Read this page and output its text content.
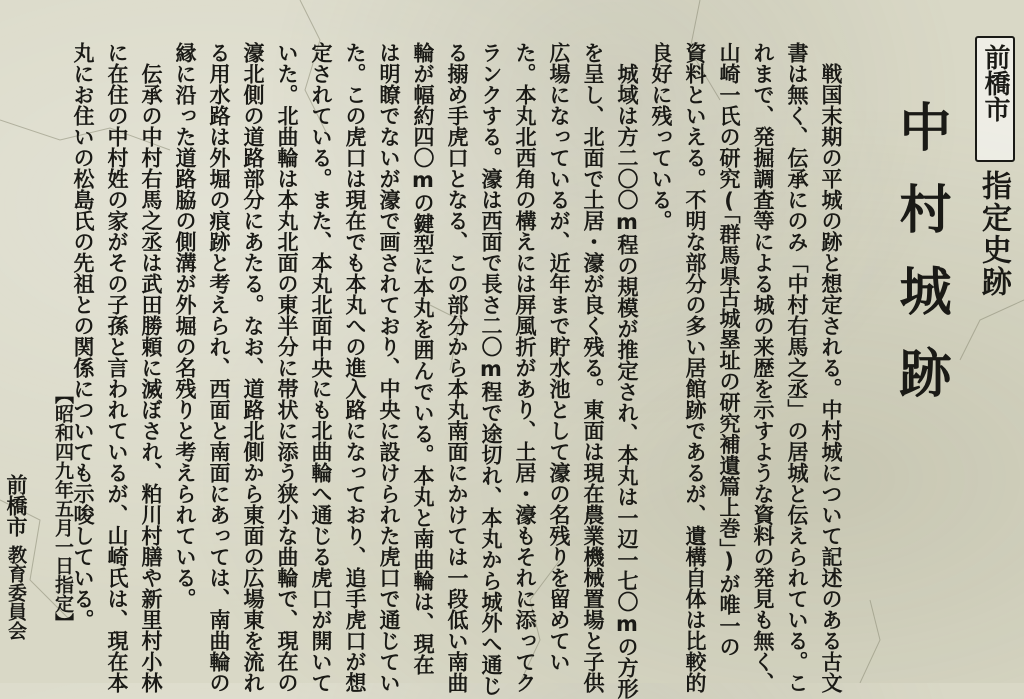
前橋市
指定史跡
中村城跡

　戦国末期の平城の跡と想定される。中村城について記述のある古文

書は無く、伝承にのみ「中村右馬之丞」の居城と伝えられている。こ

れまで、発掘調査等による城の来歴を示すような資料の発見も無く、

山崎一氏の研究(「群馬県古城塁址の研究補遺篇上巻」)が唯一の

資料といえる。不明な部分の多い居館跡であるが、遺構自体は比較的

良好に残っている。

　城域は方二〇〇m程の規模が推定され、本丸は一辺一七〇mの方形

を呈し、北面で土居・濠が良く残る。東面は現在農業機械置場と子供

広場になっているが、近年まで貯水池として濠の名残りを留めてい

た。本丸北西角の構えには屏風折があり、土居・濠もそれに添ってク

ランクする。濠は西面で長さ二〇m程で途切れ、本丸から城外へ通じ

る搦め手虎口となる、この部分から本丸南面にかけては一段低い南曲

輪が幅約四〇mの鍵型に本丸を囲んでいる。本丸と南曲輪は、現在

は明瞭でないが濠で画されており、中央に設けられた虎口で通じてい

た。この虎口は現在でも本丸への進入路になっており、追手虎口が想

定されている。また、本丸北面中央にも北曲輪へ通じる虎口が開いて

いた。北曲輪は本丸北面の東半分に帯状に添う狭小な曲輪で、現在の

濠北側の道路部分にあたる。なお、道路北側から東面の広場東を流れ

る用水路は外堀の痕跡と考えられ、西面と南面にあっては、南曲輪の

縁に沿った道路脇の側溝が外堀の名残りと考えられている。

　伝承の中村右馬之丞は武田勝頼に滅ぼされ、粕川村膳や新里村小林

に在住の中村姓の家がその子孫と言われているが、山崎氏は、現在本

丸にお住いの松島氏の先祖との関係についても示唆している。

【昭和四九年五月一日指定】
前橋市
教育委員会
